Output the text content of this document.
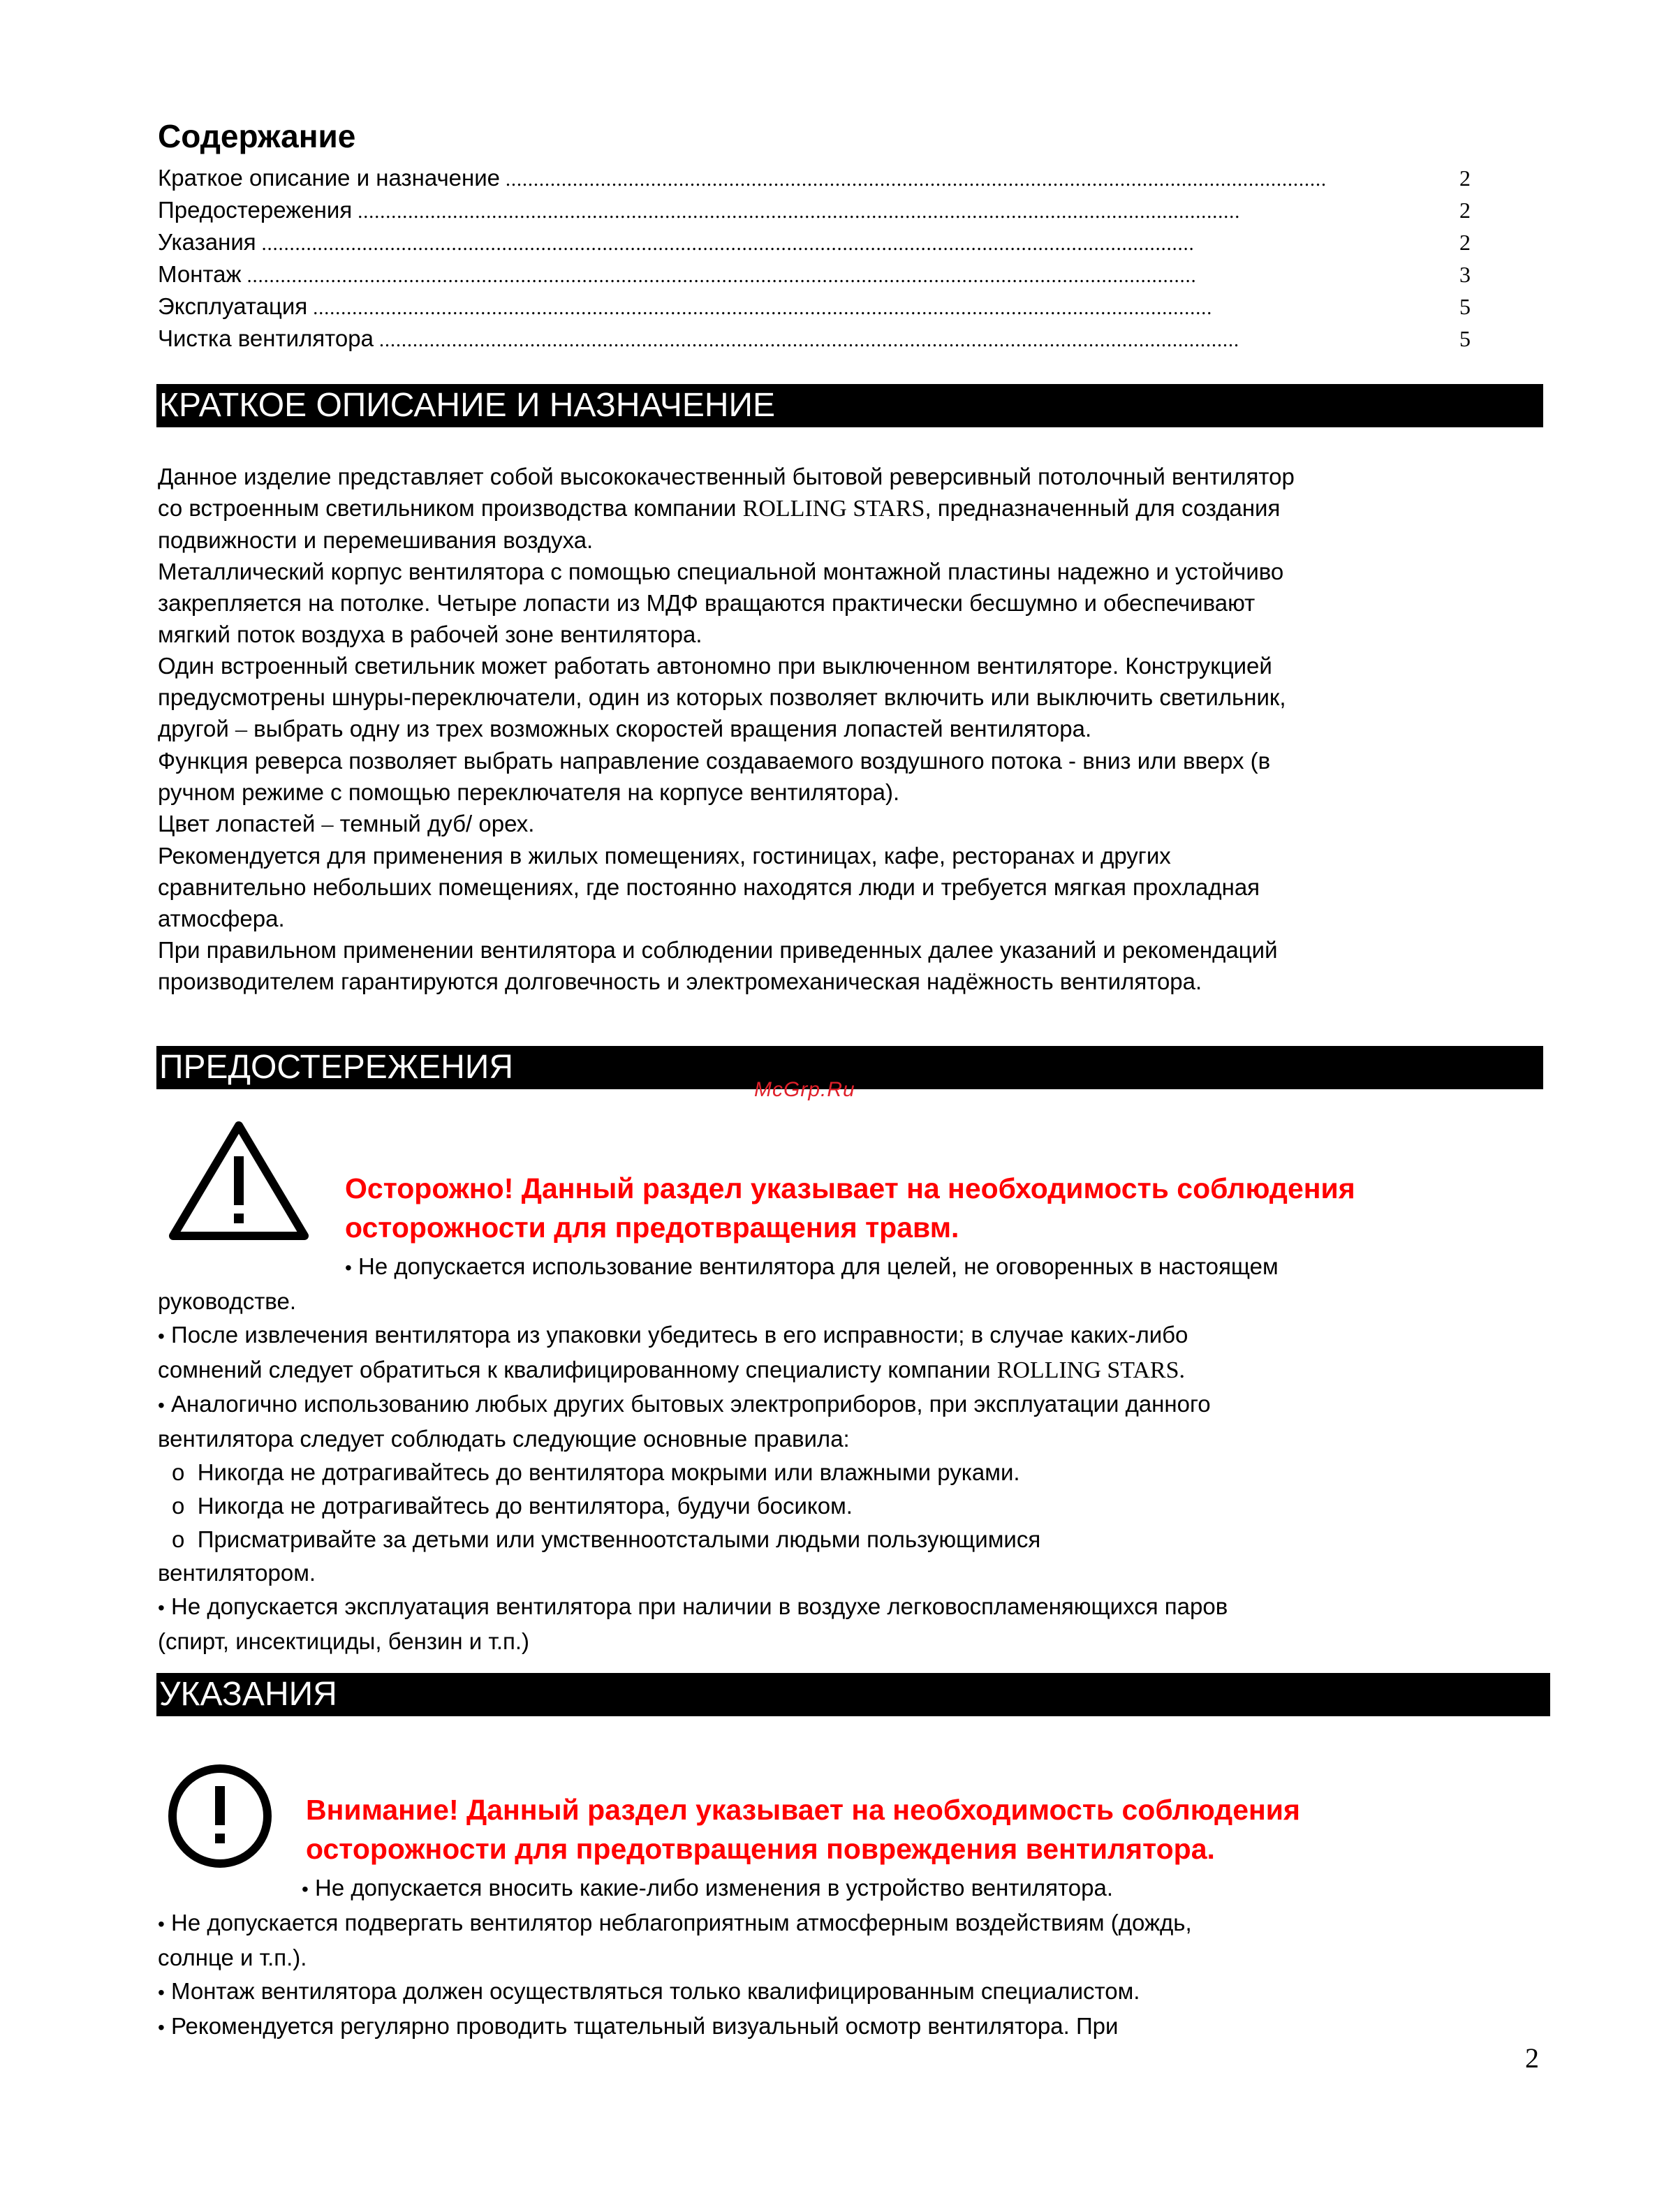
Содержание
Краткое описание и назначение ...................................................................................................................................................	2
Предостережения ..............................................................................................................................................................	2
Указания .......................................................................................................................................................................	2
Монтаж ..........................................................................................................................................................................	3
Эксплуатация .................................................................................................................................................................	5
Чистка вентилятора ..........................................................................................................................................................	5
КРАТКОЕ ОПИСАНИЕ И НАЗНАЧЕНИЕ

Данное изделие представляет собой высококачественный бытовой реверсивный потолочный вентилятор

со встроенным светильником производства компании ROLLING STARS, предназначенный для создания

подвижности и перемешивания воздуха.

Металлический корпус вентилятора с помощью специальной монтажной пластины надежно и устойчиво

закрепляется на потолке. Четыре лопасти из МДФ вращаются практически бесшумно и обеспечивают

мягкий поток воздуха в рабочей зоне вентилятора.

Один встроенный светильник может работать автономно при выключенном вентиляторе. Конструкцией

предусмотрены шнуры-переключатели, один из которых позволяет включить или выключить светильник,

другой – выбрать одну из трех возможных скоростей вращения лопастей вентилятора.

Функция реверса позволяет выбрать направление создаваемого воздушного потока - вниз или вверх (в

ручном режиме с помощью переключателя на корпусе вентилятора).

Цвет лопастей – темный дуб/ орех.

Рекомендуется для применения в жилых помещениях, гостиницах, кафе, ресторанах и других

сравнительно небольших помещениях, где постоянно находятся люди и требуется мягкая прохладная

атмосфера.

При правильном применении вентилятора и соблюдении приведенных далее указаний и рекомендаций

производителем гарантируются долговечность и электромеханическая надёжность вентилятора.

ПРЕДОСТЕРЕЖЕНИЯ
McGrp.Ru
Осторожно! Данный раздел указывает на необходимость соблюдения
осторожности для предотвращения травм.
• Не допускается использование вентилятора для целей, не оговоренных в настоящем
руководстве.
• После извлечения вентилятора из упаковки убедитесь в его исправности; в случае каких-либо
сомнений следует обратиться к квалифицированному специалисту компании ROLLING STARS.
• Аналогично использованию любых других бытовых электроприборов, при эксплуатации данного
вентилятора следует соблюдать следующие основные правила:
o Никогда не дотрагивайтесь до вентилятора мокрыми или влажными руками.
o Никогда не дотрагивайтесь до вентилятора, будучи босиком.
o Присматривайте за детьми или умственноотсталыми людьми пользующимися
вентилятором.
• Не допускается эксплуатация вентилятора при наличии в воздухе легковоспламеняющихся паров
(спирт, инсектициды, бензин и т.п.)
УКАЗАНИЯ
Внимание! Данный раздел указывает на необходимость соблюдения
осторожности для предотвращения повреждения вентилятора.
• Не допускается вносить какие-либо изменения в устройство вентилятора.
• Не допускается подвергать вентилятор неблагоприятным атмосферным воздействиям (дождь,
солнце и т.п.).
• Монтаж вентилятора должен осуществляться только квалифицированным специалистом.
• Рекомендуется регулярно проводить тщательный визуальный осмотр вентилятора. При
2
